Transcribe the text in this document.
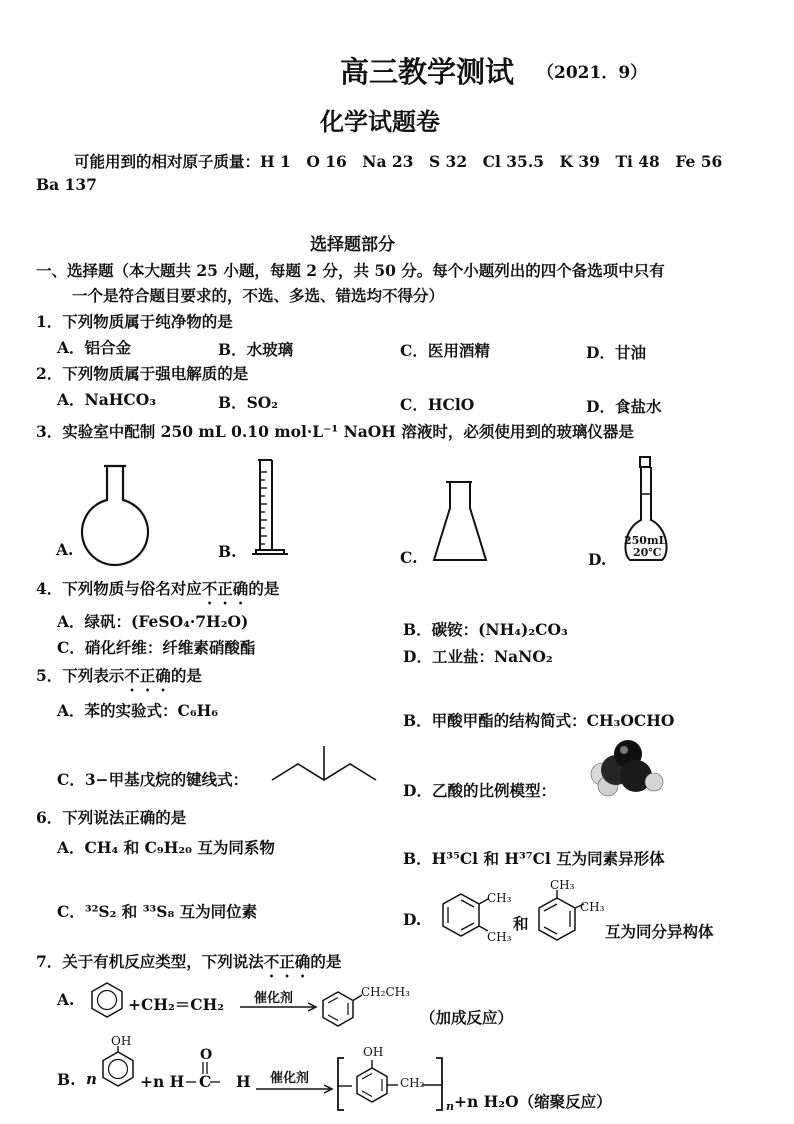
高三教学测试 （2021．9）
化学试题卷
可能用到的相对原子质量：H 1　O 16　Na 23　S 32　Cl 35.5　K 39　Ti 48　Fe 56
Ba 137
选择题部分
一、选择题（本大题共 25 小题，每题 2 分，共 50 分。每个小题列出的四个备选项中只有
一个是符合题目要求的，不选、多选、错选均不得分）
1．下列物质属于纯净物的是
A．铝合金	B．水玻璃	C．医用酒精	D．甘油
2．下列物质属于强电解质的是
A．NaHCO₃	B．SO₂	C．HClO	D．食盐水
3．实验室中配制 250 mL 0.10 mol·L⁻¹ NaOH 溶液时，必须使用到的玻璃仪器是
A.	B.	C.
250mL
20℃
D.
4．下列物质与俗名对应不正确的是
A．绿矾：(FeSO₄·7H₂O)	B．碳铵：(NH₄)₂CO₃
C．硝化纤维：纤维素硝酸酯	D．工业盐：NaNO₂
5．下列表示不正确的是
A．苯的实验式：C₆H₆
B．甲酸甲酯的结构简式：CH₃OCHO
C．3−甲基戊烷的键线式：
D．乙酸的比例模型：
6．下列说法正确的是
A．CH₄ 和 C₉H₂₀ 互为同系物
B．H³⁵Cl 和 H³⁷Cl 互为同素异形体
C．³²S₂ 和 ³³S₈ 互为同位素	D.
CH₃
CH₃
和
CH₃
CH₃
互为同分异构体
7．关于有机反应类型，下列说法不正确的是
A.	+CH₂＝CH₂ 催化剂	CH₂CH₃
（加成反应）
B. n
OH
+n H
O
C H 催化剂
OH
CH₂
n +n H₂O（缩聚反应）
